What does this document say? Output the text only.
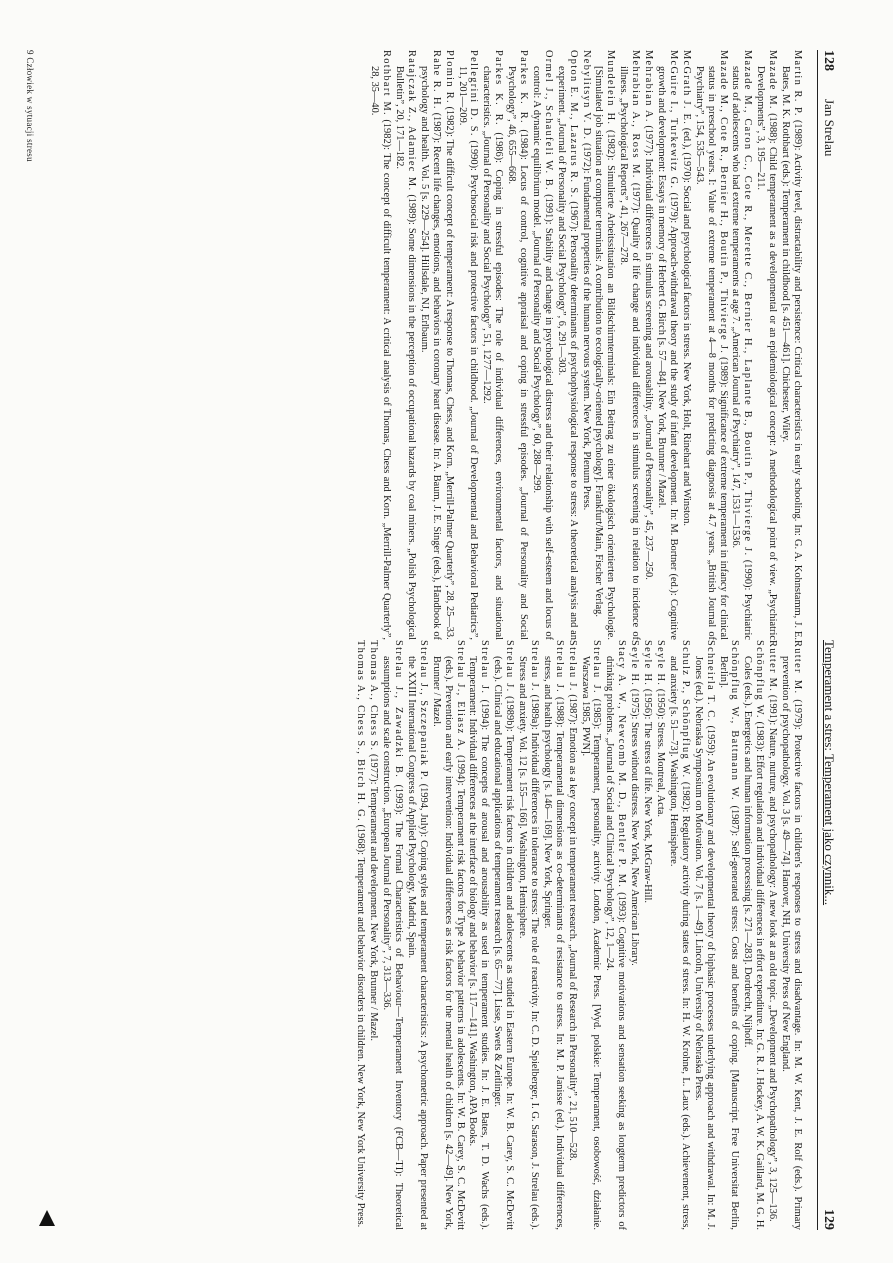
128
Jan Strelau

Martin R. P. (1989): Activity level, distractability and persistence: Critical characteristics in early schooling. In: G. A. Kohnstamm, J. E. Bates, M. K. Rothbart (eds.): Temperament in childhood [s. 451—461]. Chichester, Wiley.

Mazade M. (1988): Child temperament as a developmental or an epidemiological concept: A methodological point of view. „Psychiatric Developments”, 3, 195—211.

Mazade M., Caron C., Cote R., Merette C., Bernier H., Laplante B., Boutin P., Thivierge J. (1990): Psychiatric status of adolescents who had extreme temperaments at age 7. „American Journal of Psychiatry”, 147, 1531—1536.

Mazade M., Cote R., Bernier H., Boutin P., Thivierge J. (1989): Significance of extreme temperament in infancy for clinical status in preschool years. I: Value of extreme temperament at 4—8 months for predicting diagnosis at 4.7 years. „British Journal of Psychiatry”, 154, 535—543.

McGrath J. E. (ed.), (1970): Social and psychological factors in stress. New York, Holt, Rinehart and Winston.

McGuire I., Turkewitz G. (1979): Approach-withdrawal theory and the study of infant development. In: M. Bortner (ed.): Cognitive growth and development: Essays in memory of Herbert G. Birch [s. 57—84]. New York, Brunner / Mazel.

Mehrabian A. (1977): Individual differences in stimulus screening and arousability. „Journal of Personality”, 45, 237—250.

Mehrabian A., Ross M. (1977): Quality of life change and individual differences in stimulus screening in relation to incidence of illness. „Psychological Reports”, 41, 267—278.

Mundelein H. (1982): Simulierte Arbeitssituation an Bildschirmterminals: Ein Beitrag zu einer ökologisch orientierten Psychologie. [Simulated job situation at computer terminals: A contribution to ecologically-oriented psychology]. Frankfurt/Main, Fischer Verlag.

Nebylitsyn V. D. (1972): Fundamental properties of the human nervous system. New York, Plenum Press.

Opton E. M., Lazarus R. S. (1967): Personality determinants of psychophysiological response to stress: A theoretical analysis and an experiment. „Journal of Personality and Social Psychology”, 6, 291—303.

Ormel J., Schaufeli W. B. (1991): Stability and change in psychological distress and their relationship with self-esteem and locus of control: A dynamic equilibrium model. „Journal of Personality and Social Psychology”, 60, 288—299.

Parkes K. R. (1984): Locus of control, cognitive appraisal and coping in stressful episodes. „Journal of Personality and Social Psychology”, 46, 655—668.

Parkes K. R. (1986): Coping in stressful episodes: The role of individual differences, environmental factors, and situational characteristics. „Journal of Personality and Social Psychology”, 51, 1277—1292.

Pellegrini D. S. (1990): Psychosocial risk and protective factors in childhood. „Journal of Developmental and Behavioral Pediatrics”, 11, 201—209.

Plomin R. (1982): The difficult concept of temperament: A response to Thomas, Chess, and Korn. „Merrill-Palmer Quarterly”, 28, 25—33.

Rahe R. H. (1987): Recent life changes, emotions, and behaviors in coronary heart disease. In: A. Baum, J. E. Singer (eds.), Handbook of psychology and health. Vol. 5 [s. 229—254]. Hillsdale, NJ, Erlbaum.

Ratajczak Z., Adamiec M. (1989): Some dimensions in the perception of occupational hazards by coal miners. „Polish Psychological Bulletin”, 20, 171—182.

Rothbart M. (1982): The concept of difficult temperament: A critical analysis of Thomas, Chess and Korn. „Merrill-Palmer Quarterly”, 28, 35—40.

9 Człowiek w sytuacji stresu
Temperament a stres: Temperament jako czynnik...
129

Rutter M. (1979): Protective factors in children's responses to stress and disadvantage. In: M. W. Kent, J. E. Rolf (eds.). Primary prevention of psychopathology. Vol. 3 [s. 49—74]. Hanover, NH, University Press of New England.

Rutter M. (1991): Nature, nurture, and psychopathology: A new look at an old topic. „Development and Psychopathology”, 3, 125—136.

Schönpflug W. (1983): Effort regulation and individual differences in effort expenditure. In: G. R. J. Hockey, A. W. K. Gaillard, M. G. H. Coles (eds.). Energetics and human information processing [s. 271—283]. Dordrecht, Nijhoff.

Schönpflug W., Battmann W. (1987): Self-generated stress: Costs and benefits of coping. [Manuscript. Free Universitat Berlin, Berlin].

Schneirla T. C. (1959): An evolutionary and developmental theory of biphasic processes underlying approach and withdrawal. In: M. J. Jones (ed.). Nebraska Symposium on Motivation. Vol. 7 [s. 1—49]. Lincoln, University of Nebraska Press.

Schulz P., Schönpflug W. (1982): Regulatory activity during states of stress. In: H. W. Krohne, L. Laux (eds.). Achievement, stress, and anxiety [s. 51—73]. Washington, Hemisphere.

Seyle H. (1950): Stress. Montreal, Acta.

Seyle H. (1956): The stress of life. New York, McGraw-Hill.

Seyle H. (1975): Stress without distress. New York, New American Library.

Stacy A. W., Newcomb M. D., Bentler P. M. (1993): Cognitive motivations and sensation seeking as longterm predictors of drinking problems. „Journal of Social and Clinical Psychology”, 12, 1—24.

Strelau J. (1985): Temperament, personality, activity. London, Academic Press. [Wyd. polskie: Temperament, osobowość, działanie. Warszawa 1985, PWN].

Strelau J. (1987): Emotion as a key concept in temperament research. „Journal of Research in Personality”, 21, 510—528.

Strelau J. (1988): Temperamental dimensions as co-determinants of resistance to stress. In: M. P. Janisse (ed.). Individual differences, stress, and health psychology [s. 146—169]. New York, Springer.

Strelau J. (1989a): Individual differences in tolerance to stress: The role of reactivity. In: C. D. Spielberger, I. G. Sarason, J. Strelau (eds.). Stress and anxiety. Vol. 12 [s. 155—166]. Washington, Hemisphere.

Strelau J. (1989b): Temperament risk factors in children and adolescents as studied in Eastern Europe. In: W. B. Carey, S. C. McDevitt (eds.). Clinical and educational applications of temperament research [s. 65—77]. Lisse, Swets & Zeitlinger.

Strelau J. (1994): The concepts of arousal and arousability as used in temperament studies. In: J. E. Bates, T. D. Wachs (eds.). Temperament: Individual differences at the interface of biology and behavior [s. 117—141]. Washington, APA Books.

Strelau J., Eliasz A. (1994): Temperament risk factors for Type A behavior patterns in adolescents. In: W. B. Carey, S. C. McDevitt (eds.). Prevention and early intervention: Individual differences as risk factors for the mental health of children [s. 42—49]. New York, Brunner / Mazel.

Strelau J., Szczepaniak P. (1994, July): Coping styles and temperament characteristics: A psychometric approach. Paper presented at the XXIII International Congress of Applied Psychology, Madrid, Spain.

Strelau J., Zawadzki B. (1993): The Formal Characteristics of Behaviour—Temperament Inventory (FCB—TI): Theoretical assumptions and scale construction. „European Journal of Personality”, 7, 313—336.

Thomas A., Chess S. (1977): Temperament and development. New York, Brunner / Mazel.

Thomas A., Chess S., Birch H. G. (1968): Temperament and behavior disorders in children. New York, New York University Press.
